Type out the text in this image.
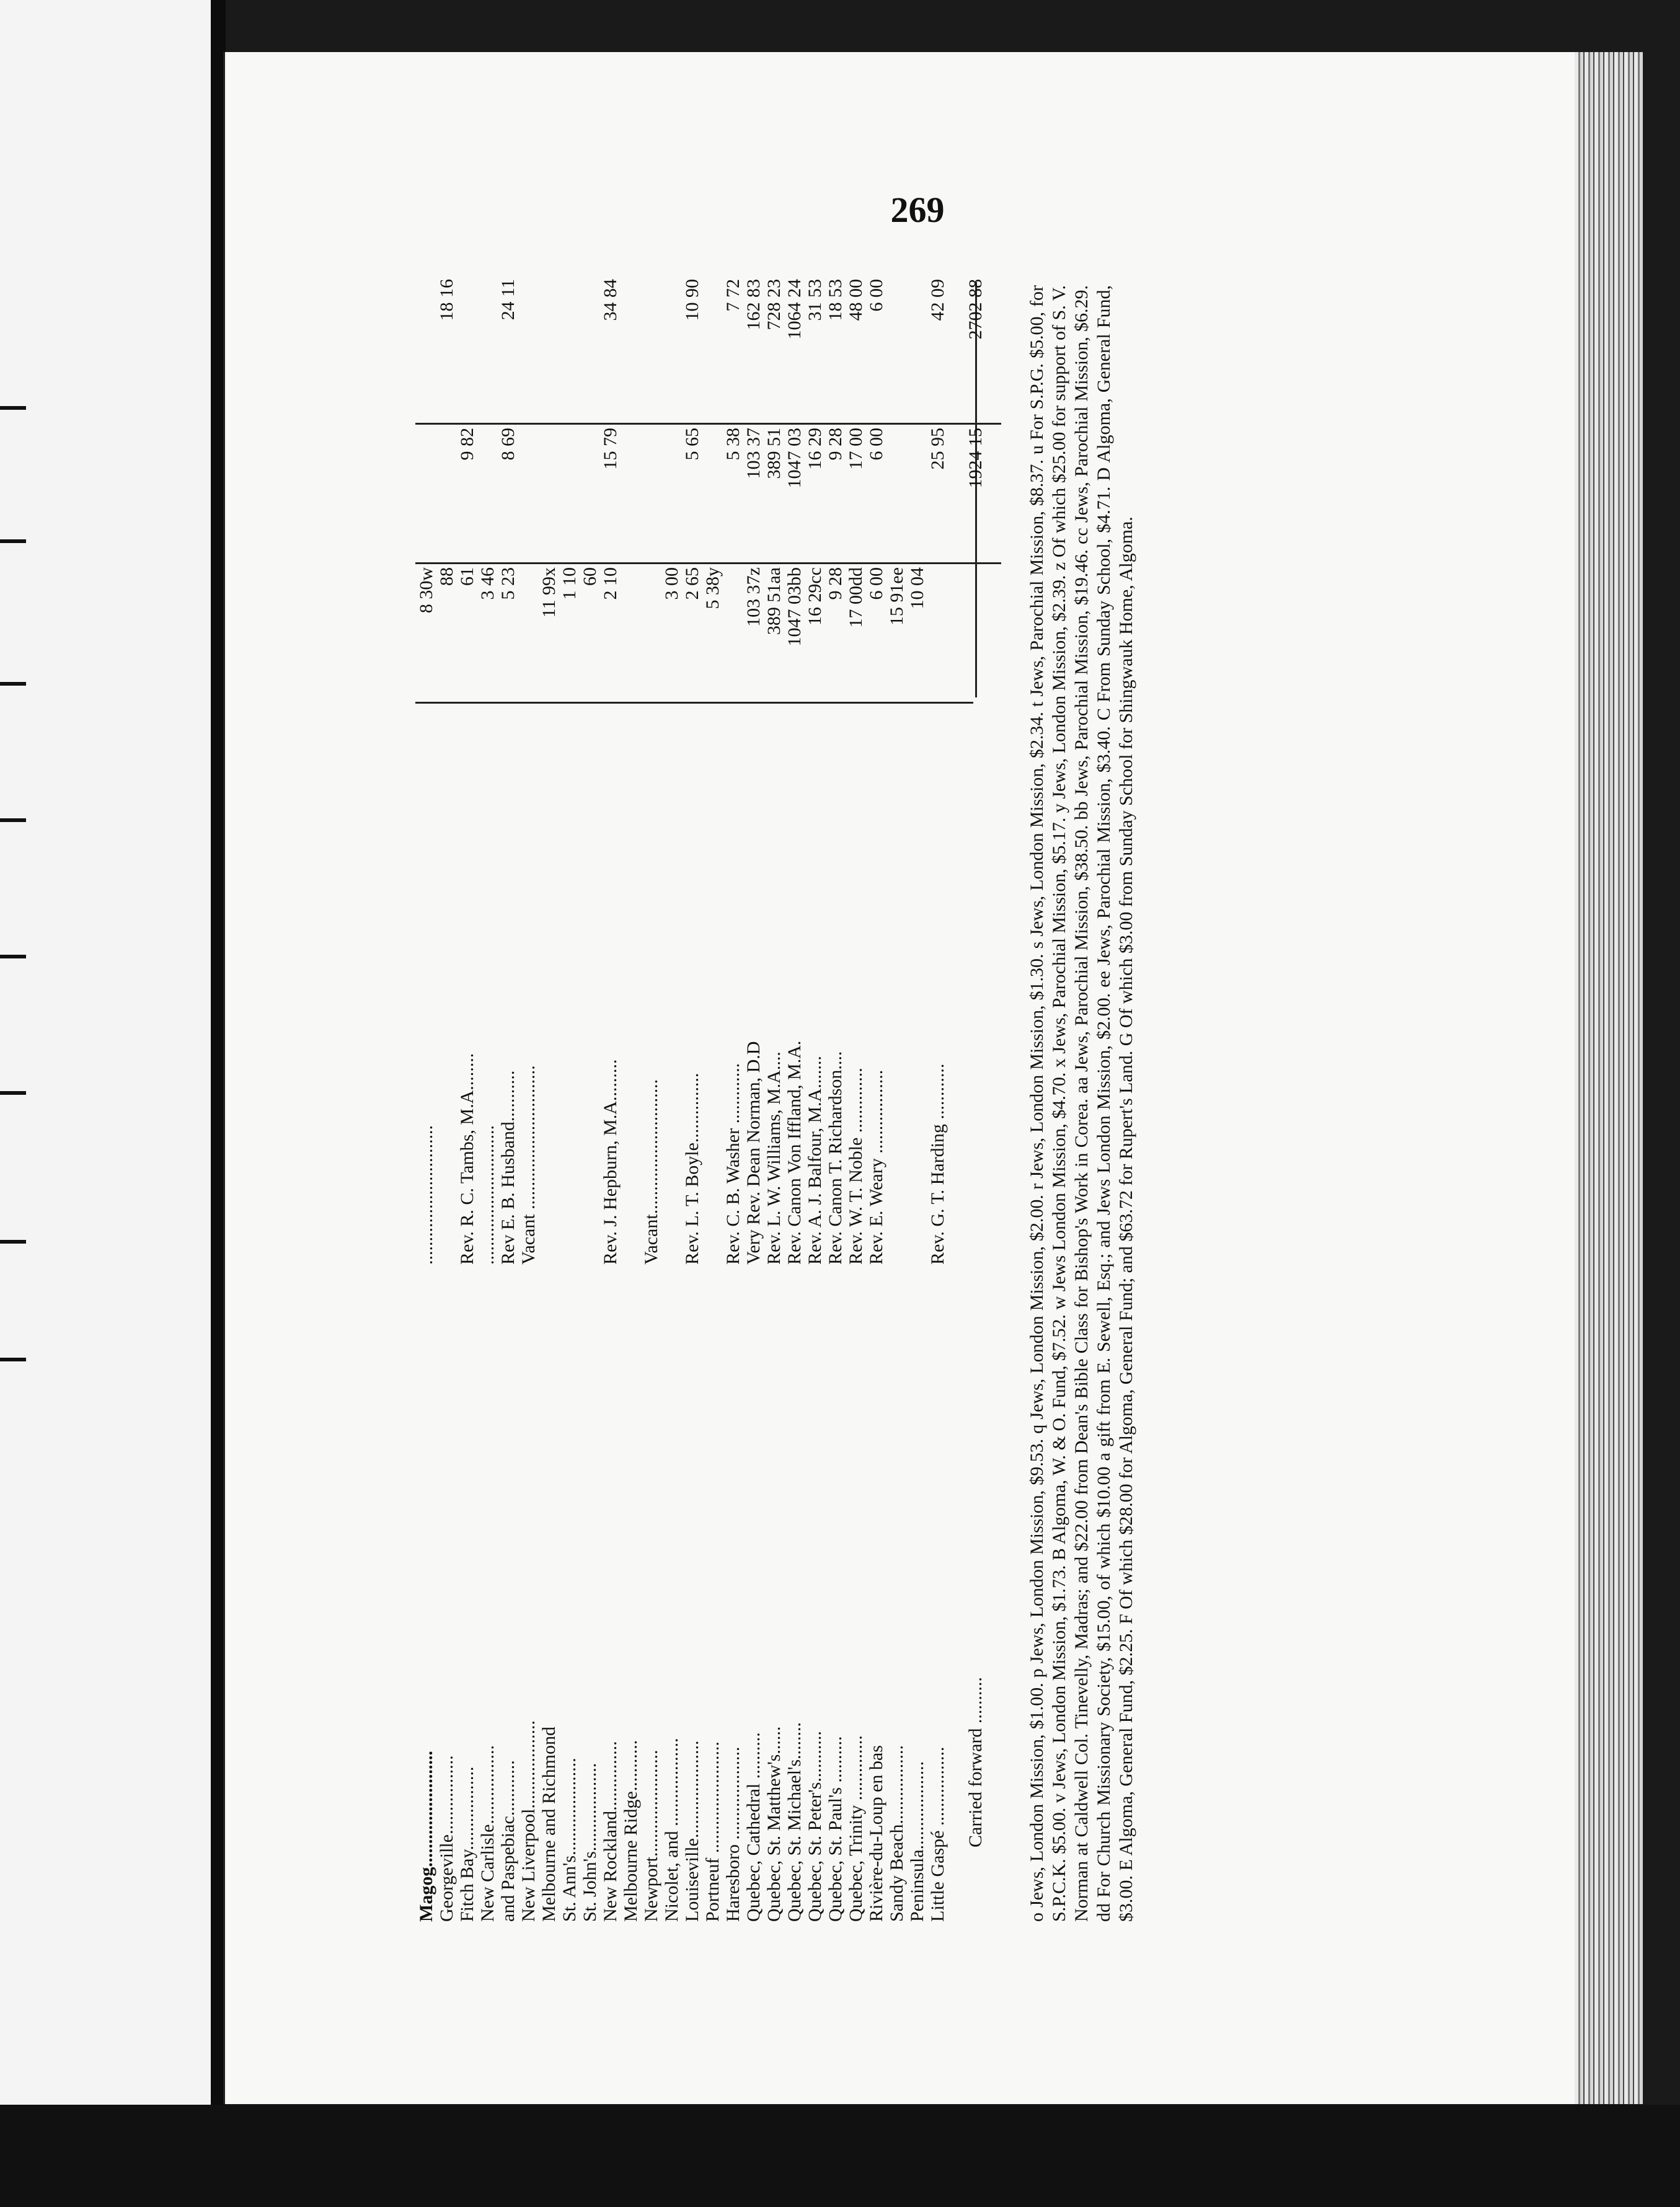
269
Magog.........................
..............................
8 30w
Georgeville.................
88
18 16
Fitch Bay..................
Rev. R. C. Tambs, M.A........
61
9 82
New Carlisle.................
..............................
3 46
and Paspebiac............
Rev E. B. Husband...........
5 23
8 69
24 11
New Liverpool...................
Vacant ...............................
Melbourne and Richmond
11 99x
St. Ann's.....................
1 10
St. John's...................
60
New Rockland...............
Rev. J. Hepburn, M.A.........
2 10
15 79
34 84
Melbourne Ridge........... Newport.......................
Vacant.............................
Nicolet, and ...................
3 00
Louiseville.....................
Rev. L. T. Boyle...............
2 65
5 65
10 90
Portneuf ........................
5 38y
Haresboro ....................
Rev. C. B. Washer .............
5 38
7 72
Quebec, Cathedral ..........
Very Rev. Dean Norman, D.D
103 37z
103 37
162 83
Quebec, St. Matthew's......
Rev. L. W. Williams, M.A....
389 51aa
389 51
728 23
Quebec, St. Michael's........
Rev. Canon Von Iffland, M.A.
1047 03bb
1047 03
1064 24
Quebec, St. Peter's...........
Rev. A. J. Balfour, M.A.......
16 29cc
16 29
31 53
Quebec, St. Paul's ..........
Rev. Canon T. Richardson....
9 28
9 28
18 53
Quebec, Trinity ..............
Rev. W. T. Noble ..............
17 00dd
17 00
48 00
Rivière-du-Loup en bas
Rev. E. Weary ..................
6 00
6 00
6 00
Sandy Beach.................
15 91ee
Peninsula...................
10 04
Little Gaspé .................
Rev. G. T. Harding ............
25 95
42 09
Carried forward ..........
1924 15
2702 88 o Jews, London Mission, $1.00. p Jews, London Mission, $9.53. q Jews, London Mission, $2.00. r Jews, London Mission, $1.30. s Jews, London Mission, $2.34. t Jews, Parochial Mission, $8.37. u For S.P.G. $5.00, for S.P.C.K. $5.00. v Jews, London Mission, $1.73. B Algoma, W. & O. Fund, $7.52. w Jews London Mission, $4.70. x Jews, Parochial Mission, $5.17. y Jews, London Mission, $2.39. z Of which $25.00 for support of S. V. Norman at Caldwell Col. Tinevelly, Madras; and $22.00 from Dean's Bible Class for Bishop's Work in Corea. aa Jews, Parochial Mission, $38.50. bb Jews, Parochial Mission, $19.46. cc Jews, Parochial Mission, $6.29. dd For Church Missionary Society, $15.00, of which $10.00 a gift from E. Sewell, Esq.; and Jews London Mission, $2.00. ee Jews, Parochial Mission, $3.40. C From Sunday School, $4.71. D Algoma, General Fund, $3.00. E Algoma, General Fund, $2.25. F Of which $28.00 for Algoma, General Fund; and $63.72 for Rupert's Land. G Of which $3.00 from Sunday School for Shingwauk Home, Algoma.
